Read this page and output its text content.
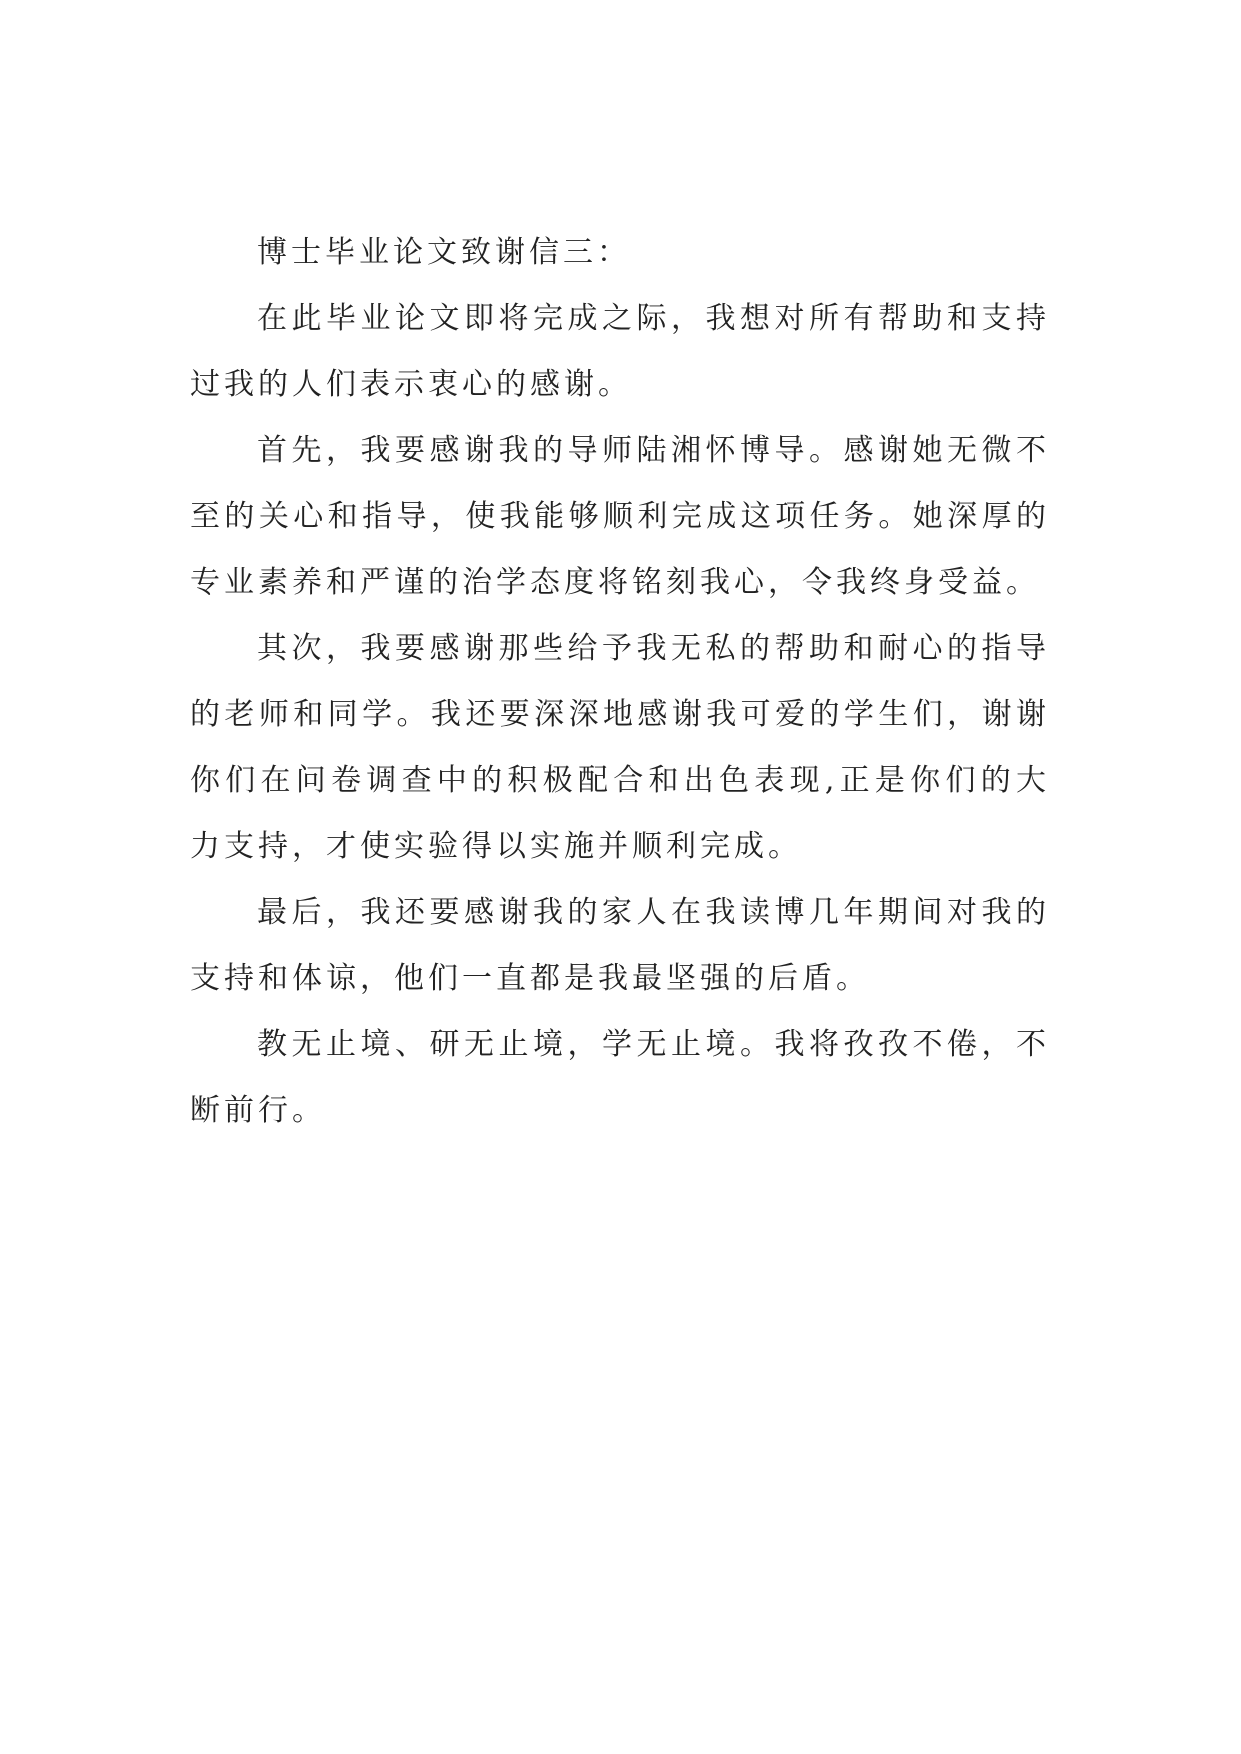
博士毕业论文致谢信三：

在此毕业论文即将完成之际，我想对所有帮助和支持过我的人们表示衷心的感谢。

首先，我要感谢我的导师陆湘怀博导。感谢她无微不至的关心和指导，使我能够顺利完成这项任务。她深厚的专业素养和严谨的治学态度将铭刻我心，令我终身受益。

其次，我要感谢那些给予我无私的帮助和耐心的指导的老师和同学。我还要深深地感谢我可爱的学生们，谢谢你们在问卷调查中的积极配合和出色表现,正是你们的大力支持，才使实验得以实施并顺利完成。

最后，我还要感谢我的家人在我读博几年期间对我的支持和体谅，他们一直都是我最坚强的后盾。

教无止境、研无止境，学无止境。我将孜孜不倦，不断前行。
